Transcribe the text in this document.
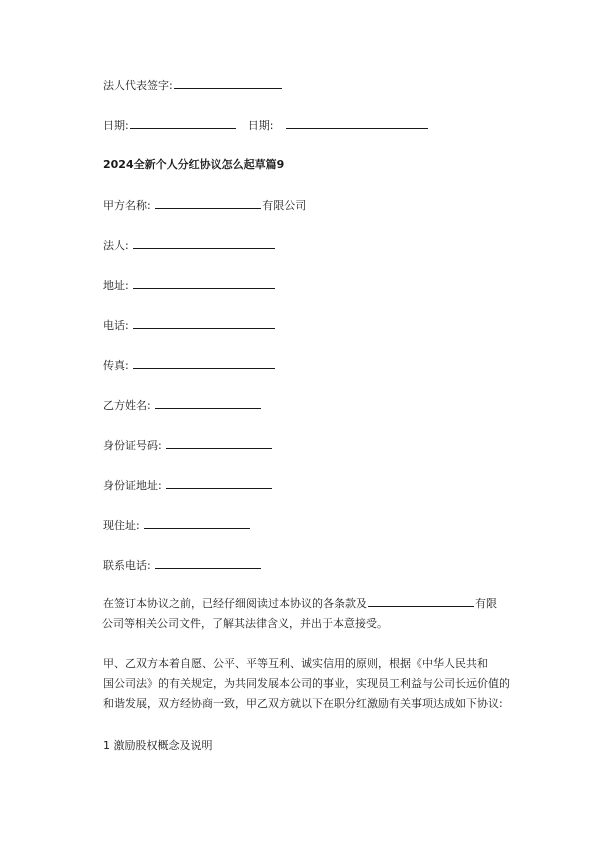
法人代表签字:
日期:	日期:
2024全新个人分红协议怎么起草篇9
甲方名称:	有限公司
法人:
地址:
电话:
传真:
乙方姓名:
身份证号码:
身份证地址:
现住址:
联系电话:
在签订本协议之前，已经仔细阅读过本协议的各条款及	有限
公司等相关公司文件，了解其法律含义，并出于本意接受。
甲、乙双方本着自愿、公平、平等互利、诚实信用的原则，根据《中华人民共和
国公司法》的有关规定，为共同发展本公司的事业，实现员工利益与公司长远价值的
和谐发展，双方经协商一致，甲乙双方就以下在职分红激励有关事项达成如下协议:
1 激励股权概念及说明
